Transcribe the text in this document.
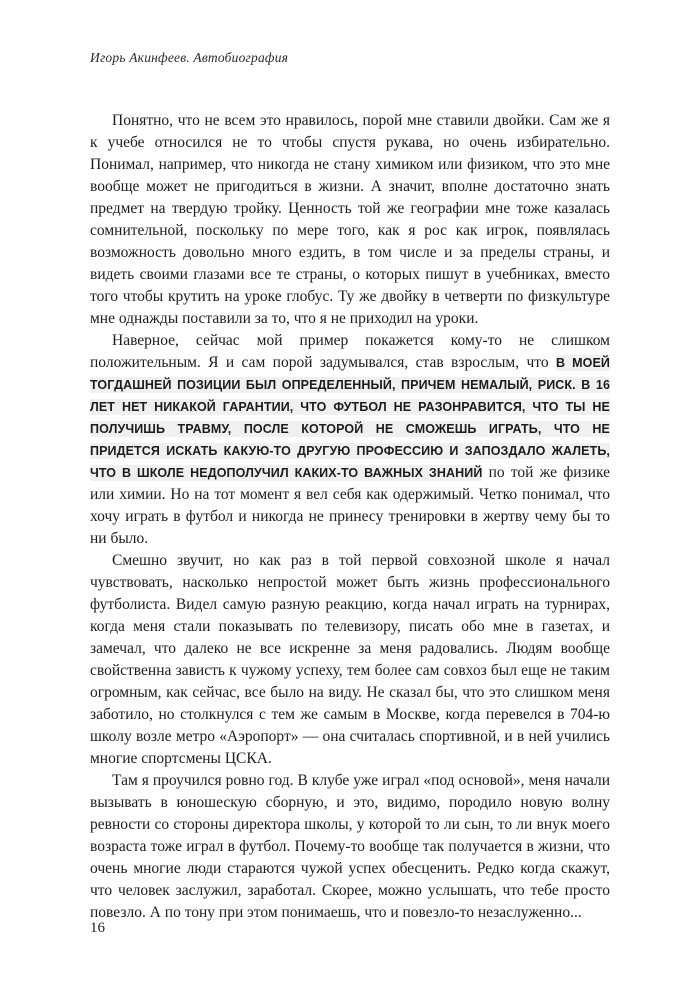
Игорь Акинфеев. Автобиография

Понятно, что не всем это нравилось, порой мне ставили двойки. Сам же я к учебе относился не то чтобы спустя рукава, но очень избирательно. Понимал, например, что никогда не стану химиком или физиком, что это мне вообще может не пригодиться в жизни. А значит, вполне достаточно знать предмет на твердую тройку. Ценность той же географии мне тоже казалась сомнительной, поскольку по мере того, как я рос как игрок, появлялась возможность довольно много ездить, в том числе и за пределы страны, и видеть своими глазами все те страны, о которых пишут в учебниках, вместо того чтобы крутить на уроке глобус. Ту же двойку в четверти по физкультуре мне однажды поставили за то, что я не приходил на уроки.

Наверное, сейчас мой пример покажется кому-то не слишком положительным. Я и сам порой задумывался, став взрослым, что В МОЕЙ ТОГДАШНЕЙ ПОЗИЦИИ БЫЛ ОПРЕДЕЛЕННЫЙ, ПРИЧЕМ НЕМАЛЫЙ, РИСК. В 16 ЛЕТ НЕТ НИКАКОЙ ГАРАНТИИ, ЧТО ФУТБОЛ НЕ РАЗОНРАВИТСЯ, ЧТО ТЫ НЕ ПОЛУЧИШЬ ТРАВМУ, ПОСЛЕ КОТОРОЙ НЕ СМОЖЕШЬ ИГРАТЬ, ЧТО НЕ ПРИДЕТСЯ ИСКАТЬ КАКУЮ-ТО ДРУГУЮ ПРОФЕССИЮ И ЗАПОЗДАЛО ЖАЛЕТЬ, ЧТО В ШКОЛЕ НЕДОПОЛУЧИЛ КАКИХ-ТО ВАЖНЫХ ЗНАНИЙ по той же физике или химии. Но на тот момент я вел себя как одержимый. Четко понимал, что хочу играть в футбол и никогда не принесу тренировки в жертву чему бы то ни было.

Смешно звучит, но как раз в той первой совхозной школе я начал чувствовать, насколько непростой может быть жизнь профессионального футболиста. Видел самую разную реакцию, когда начал играть на турнирах, когда меня стали показывать по телевизору, писать обо мне в газетах, и замечал, что далеко не все искренне за меня радовались. Людям вообще свойственна зависть к чужому успеху, тем более сам совхоз был еще не таким огромным, как сейчас, все было на виду. Не сказал бы, что это слишком меня заботило, но столкнулся с тем же самым в Москве, когда перевелся в 704-ю школу возле метро «Аэропорт» — она считалась спортивной, и в ней учились многие спортсмены ЦСКА.

Там я проучился ровно год. В клубе уже играл «под основой», меня начали вызывать в юношескую сборную, и это, видимо, породило новую волну ревности со стороны директора школы, у которой то ли сын, то ли внук моего возраста тоже играл в футбол. Почему-то вообще так получается в жизни, что очень многие люди стараются чужой успех обесценить. Редко когда скажут, что человек заслужил, заработал. Скорее, можно услышать, что тебе просто повезло. А по тону при этом понимаешь, что и повезло-то незаслуженно...

16
